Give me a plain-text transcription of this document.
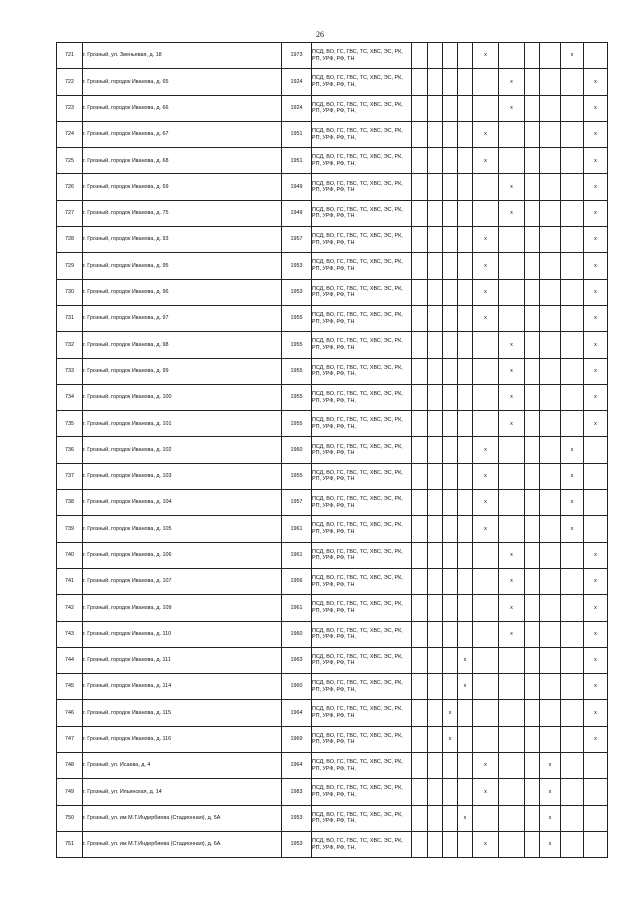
26
721	г. Грозный, ул. Звеньевая, д. 18	1973	ПСД, ВО, ГС, ГВС, ТС, ХВС, ЭС, РК, РП, УРФ, РФ, ТН					x				x	
722	г. Грозный, городок Иванова, д. 65	1924	ПСД, ВО, ГС, ГВС, ТС, ХВС, ЭС, РК, РП, УРФ, РФ, ТН,						x				x
723	г. Грозный, городок Иванова, д. 66	1924	ПСД, ВО, ГС, ГВС, ТС, ХВС, ЭС, РК, РП, УРФ, РФ, ТН,						x				x
724	г. Грозный, городок Иванова, д. 67	1951	ПСД, ВО, ГС, ГВС, ТС, ХВС, ЭС, РК, РП, УРФ, РФ, ТН,					x					x
725	г. Грозный, городок Иванова, д. 68	1951	ПСД, ВО, ГС, ГВС, ТС, ХВС, ЭС, РК, РП, УРФ, РФ, ТН,					x					x
726	г. Грозный, городок Иванова, д. 69	1949	ПСД, ВО, ГС, ГВС, ТС, ХВС, ЭС, РК, РП, УРФ, РФ, ТН						x				x
727	г. Грозный, городок Иванова, д. 75	1949	ПСД, ВО, ГС, ГВС, ТС, ХВС, ЭС, РК, РП, УРФ, РФ, ТН						x				x
728	г. Грозный, городок Иванова, д. 93	1957	ПСД, ВО, ГС, ГВС, ТС, ХВС, ЭС, РК, РП, УРФ, РФ, ТН					x					x
729	г. Грозный, городок Иванова, д. 95	1953	ПСД, ВО, ГС, ГВС, ТС, ХВС, ЭС, РК, РП, УРФ, РФ, ТН					x					x
730	г. Грозный, городок Иванова, д. 96	1953	ПСД, ВО, ГС, ГВС, ТС, ХВС, ЭС, РК, РП, УРФ, РФ, ТН					x					x
731	г. Грозный, городок Иванова, д. 97	1955	ПСД, ВО, ГС, ГВС, ТС, ХВС, ЭС, РК, РП, УРФ, РФ, ТН					x					x
732	г. Грозный, городок Иванова, д. 98	1955	ПСД, ВО, ГС, ГВС, ТС, ХВС, ЭС, РК, РП, УРФ, РФ, ТН						x				x
733	г. Грозный, городок Иванова, д. 99	1955	ПСД, ВО, ГС, ГВС, ТС, ХВС, ЭС, РК, РП, УРФ, РФ, ТН,						x				x
734	г. Грозный, городок Иванова, д. 100	1955	ПСД, ВО, ГС, ГВС, ТС, ХВС, ЭС, РК, РП, УРФ, РФ, ТН,						x				x
735	г. Грозный, городок Иванова, д. 101	1955	ПСД, ВО, ГС, ГВС, ТС, ХВС, ЭС, РК, РП, УРФ, РФ, ТН,						x				x
736	г. Грозный, городок Иванова, д. 102	1960	ПСД, ВО, ГС, ГВС, ТС, ХВС, ЭС, РК, РП, УРФ, РФ, ТН					x				x	
737	г. Грозный, городок Иванова, д. 103	1955	ПСД, ВО, ГС, ГВС, ТС, ХВС, ЭС, РК, РП, УРФ, РФ, ТН					x				x	
738	г. Грозный, городок Иванова, д. 104	1957	ПСД, ВО, ГС, ГВС, ТС, ХВС, ЭС, РК, РП, УРФ, РФ, ТН					x				x	
739	г. Грозный, городок Иванова, д. 105	1961	ПСД, ВО, ГС, ГВС, ТС, ХВС, ЭС, РК, РП, УРФ, РФ, ТН					x				x	
740	г. Грозный, городок Иванова, д. 106	1961	ПСД, ВО, ГС, ГВС, ТС, ХВС, ЭС, РК, РП, УРФ, РФ, ТН						x				x
741	г. Грозный, городок Иванова, д. 107	1956	ПСД, ВО, ГС, ГВС, ТС, ХВС, ЭС, РК, РП, УРФ, РФ, ТН						x				x
742	г. Грозный, городок Иванова, д. 109	1961	ПСД, ВО, ГС, ГВС, ТС, ХВС, ЭС, РК, РП, УРФ, РФ, ТН						x				x
743	г. Грозный, городок Иванова, д. 110	1960	ПСД, ВО, ГС, ГВС, ТС, ХВС, ЭС, РК, РП, УРФ, РФ, ТН,						x				x
744	г. Грозный, городок Иванова, д. 111	1963	ПСД, ВО, ГС, ГВС, ТС, ХВС, ЭС, РК, РП, УРФ, РФ, ТН				x						x
745	г. Грозный, городок Иванова, д. 114	1960	ПСД, ВО, ГС, ГВС, ТС, ХВС, ЭС, РК, РП, УРФ, РФ, ТН,				x						x
746	г. Грозный, городок Иванова, д. 115	1964	ПСД, ВО, ГС, ГВС, ТС, ХВС, ЭС, РК, РП, УРФ, РФ, ТН			x							x
747	г. Грозный, городок Иванова, д. 116	1969	ПСД, ВО, ГС, ГВС, ТС, ХВС, ЭС, РК, РП, УРФ, РФ, ТН			x							x
748	г. Грозный, ул. Исаева, д. 4	1964	ПСД, ВО, ГС, ГВС, ТС, ХВС, ЭС, РК, РП, УРФ, РФ, ТН,					x			x		
749	г. Грозный, ул. Ипьинская, д. 14	1983	ПСД, ВО, ГС, ГВС, ТС, ХВС, ЭС, РК, РП, УРФ, РФ, ТН,					x			x		
750	г. Грозный, ул. им М.Т.Индербиева (Стадионная), д. 5А	1953	ПСД, ВО, ГС, ГВС, ТС, ХВС, ЭС, РК, РП, УРФ, РФ, ТН,				x				x		
751	г. Грозный, ул. им М.Т.Индербиева (Стадионная), д. 6А	1953	ПСД, ВО, ГС, ГВС, ТС, ХВС, ЭС, РК, РП, УРФ, РФ, ТН,					x			x		
